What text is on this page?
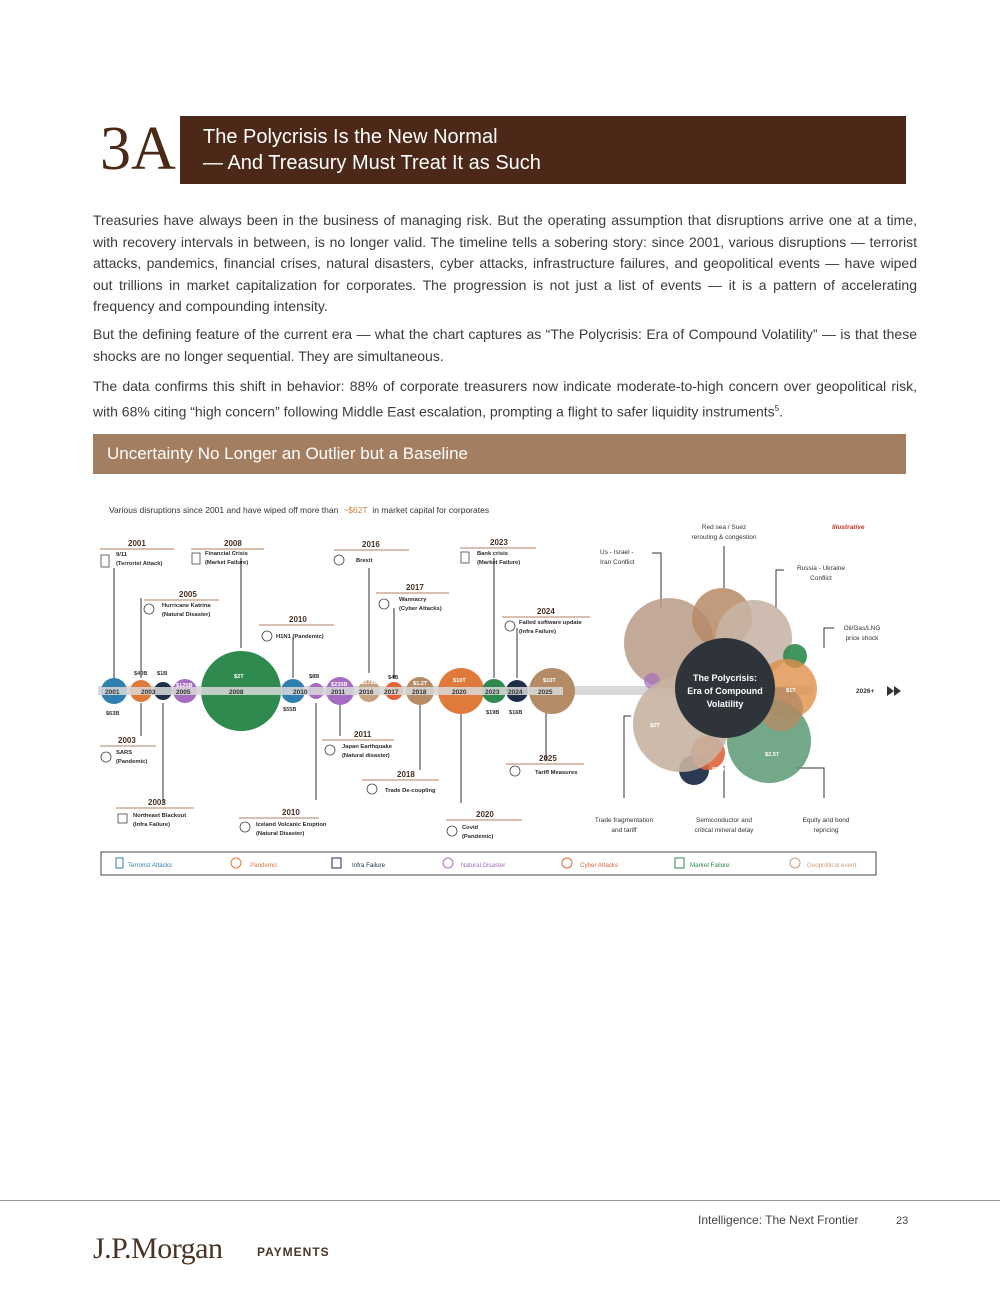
3A	The Polycrisis Is the New Normal
— And Treasury Must Treat It as Such
Treasuries have always been in the business of managing risk. But the operating assumption that disruptions arrive one at a time, with recovery intervals in between, is no longer valid. The timeline tells a sobering story: since 2001, various disruptions — terrorist attacks, pandemics, financial crises, natural disasters, cyber attacks, infrastructure failures, and geopolitical events — have wiped out trillions in market capitalization for corporates. The progression is not just a list of events — it is a pattern of accelerating frequency and compounding intensity.
But the defining feature of the current era — what the chart captures as “The Polycrisis: Era of Compound Volatility” — is that these shocks are no longer sequential. They are simultaneous.
The data confirms this shift in behavior: 88% of corporate treasurers now indicate moderate-to-high concern over geopolitical risk, with 68% citing “high concern” following Middle East escalation, prompting a flight to safer liquidity instruments$^5$.
Uncertainty No Longer an Outlier but a Baseline
Various disruptions since 2001 and have wiped off more than ~$62T in market capital for corporates
Illustrative
2026+
2001	2008	2016	2023
2005
2017
2024
2010
2003
2011
2025
2018
2003
2010	2020
9/11
(Terrorist Attack)
Financial Crisis
(Market Failure)	Brexit
Bank crisis
(Market Failure)
Hurricane Katrina
(Natural Disaster)
Wannacry
(Cyber Attacks)
Failed software update
(Infra Failure)
H1N1 (Pandemic)
SARS
(Pandemic)
Japan Earthquake
(Natural disaster)
Tariff Measures
Trade De-coupling
Northeast Blackout
(Infra Failure)	Iceland Volcanic Eruption
(Natural Disaster)
Covid
(Pandemic)
2001	2003	2005	2008	2010	2011 2016 2017 2018	2020	2023 2024 2025
$63B
$40B $1B
$125B
$2T
$55B
$8B
$235B $178B
$4B
$1.2T	$10T
$19B $16B
$10T
$300B
$1T
$2T
$2.5T
$300B
The Polycrisis:
Era of Compound
Volatility
Red sea / Suez
rerouting & congestion
Us - Israel -
Iran Conflict
Russia - Ukraine
Conflict
Oil/Gas/LNG
price shock
Trade fragmentation
and tariff
Semiconductor and
critical mineral delay
Equity and bond
repricing
Terrorist Attacks	Pandemic	Infra Failure	Natural Disaster	Cyber Attacks	Market Failure	Geopolitical event
Intelligence: The Next Frontier	23
J.P.Morgan	PAYMENTS
